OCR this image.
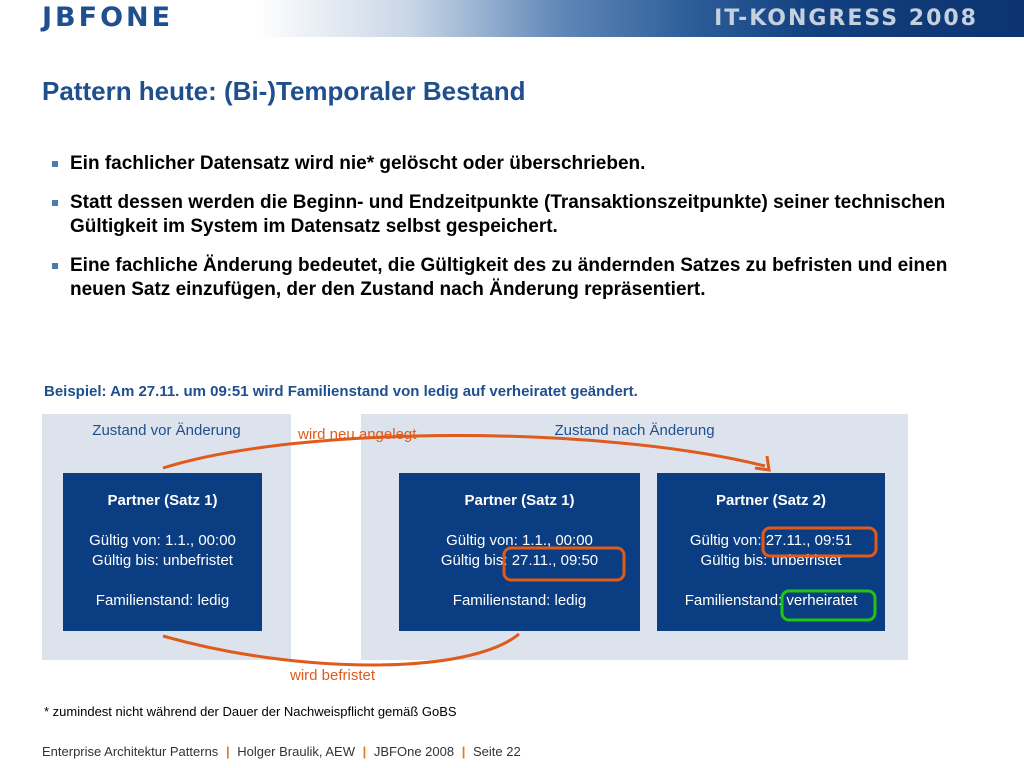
JBFONE	IT-KONGRESS 2008
Pattern heute: (Bi-)Temporaler Bestand
Ein fachlicher Datensatz wird nie* gelöscht oder überschrieben.
Statt dessen werden die Beginn- und Endzeitpunkte (Transaktionszeitpunkte) seiner technischen Gültigkeit im System im Datensatz selbst gespeichert.
Eine fachliche Änderung bedeutet, die Gültigkeit des zu ändernden Satzes zu befristen und einen neuen Satz einzufügen, der den Zustand nach Änderung repräsentiert.

Beispiel: Am 27.11. um 09:51 wird Familienstand von ledig auf verheiratet geändert.

Zustand vor Änderung	Zustand nach Änderung
Partner (Satz 1)
Gültig von: 1.1., 00:00
Gültig bis: unbefristet
Familienstand: ledig
Partner (Satz 1)
Gültig von: 1.1., 00:00
Gültig bis: 27.11., 09:50
Familienstand: ledig
Partner (Satz 2)
Gültig von: 27.11., 09:51
Gültig bis: unbefristet
Familienstand: verheiratet
wird neu angelegt
wird befristet
* zumindest nicht während der Dauer der Nachweispflicht gemäß GoBS
Enterprise Architektur Patterns | Holger Braulik, AEW | JBFOne 2008 | Seite 22
